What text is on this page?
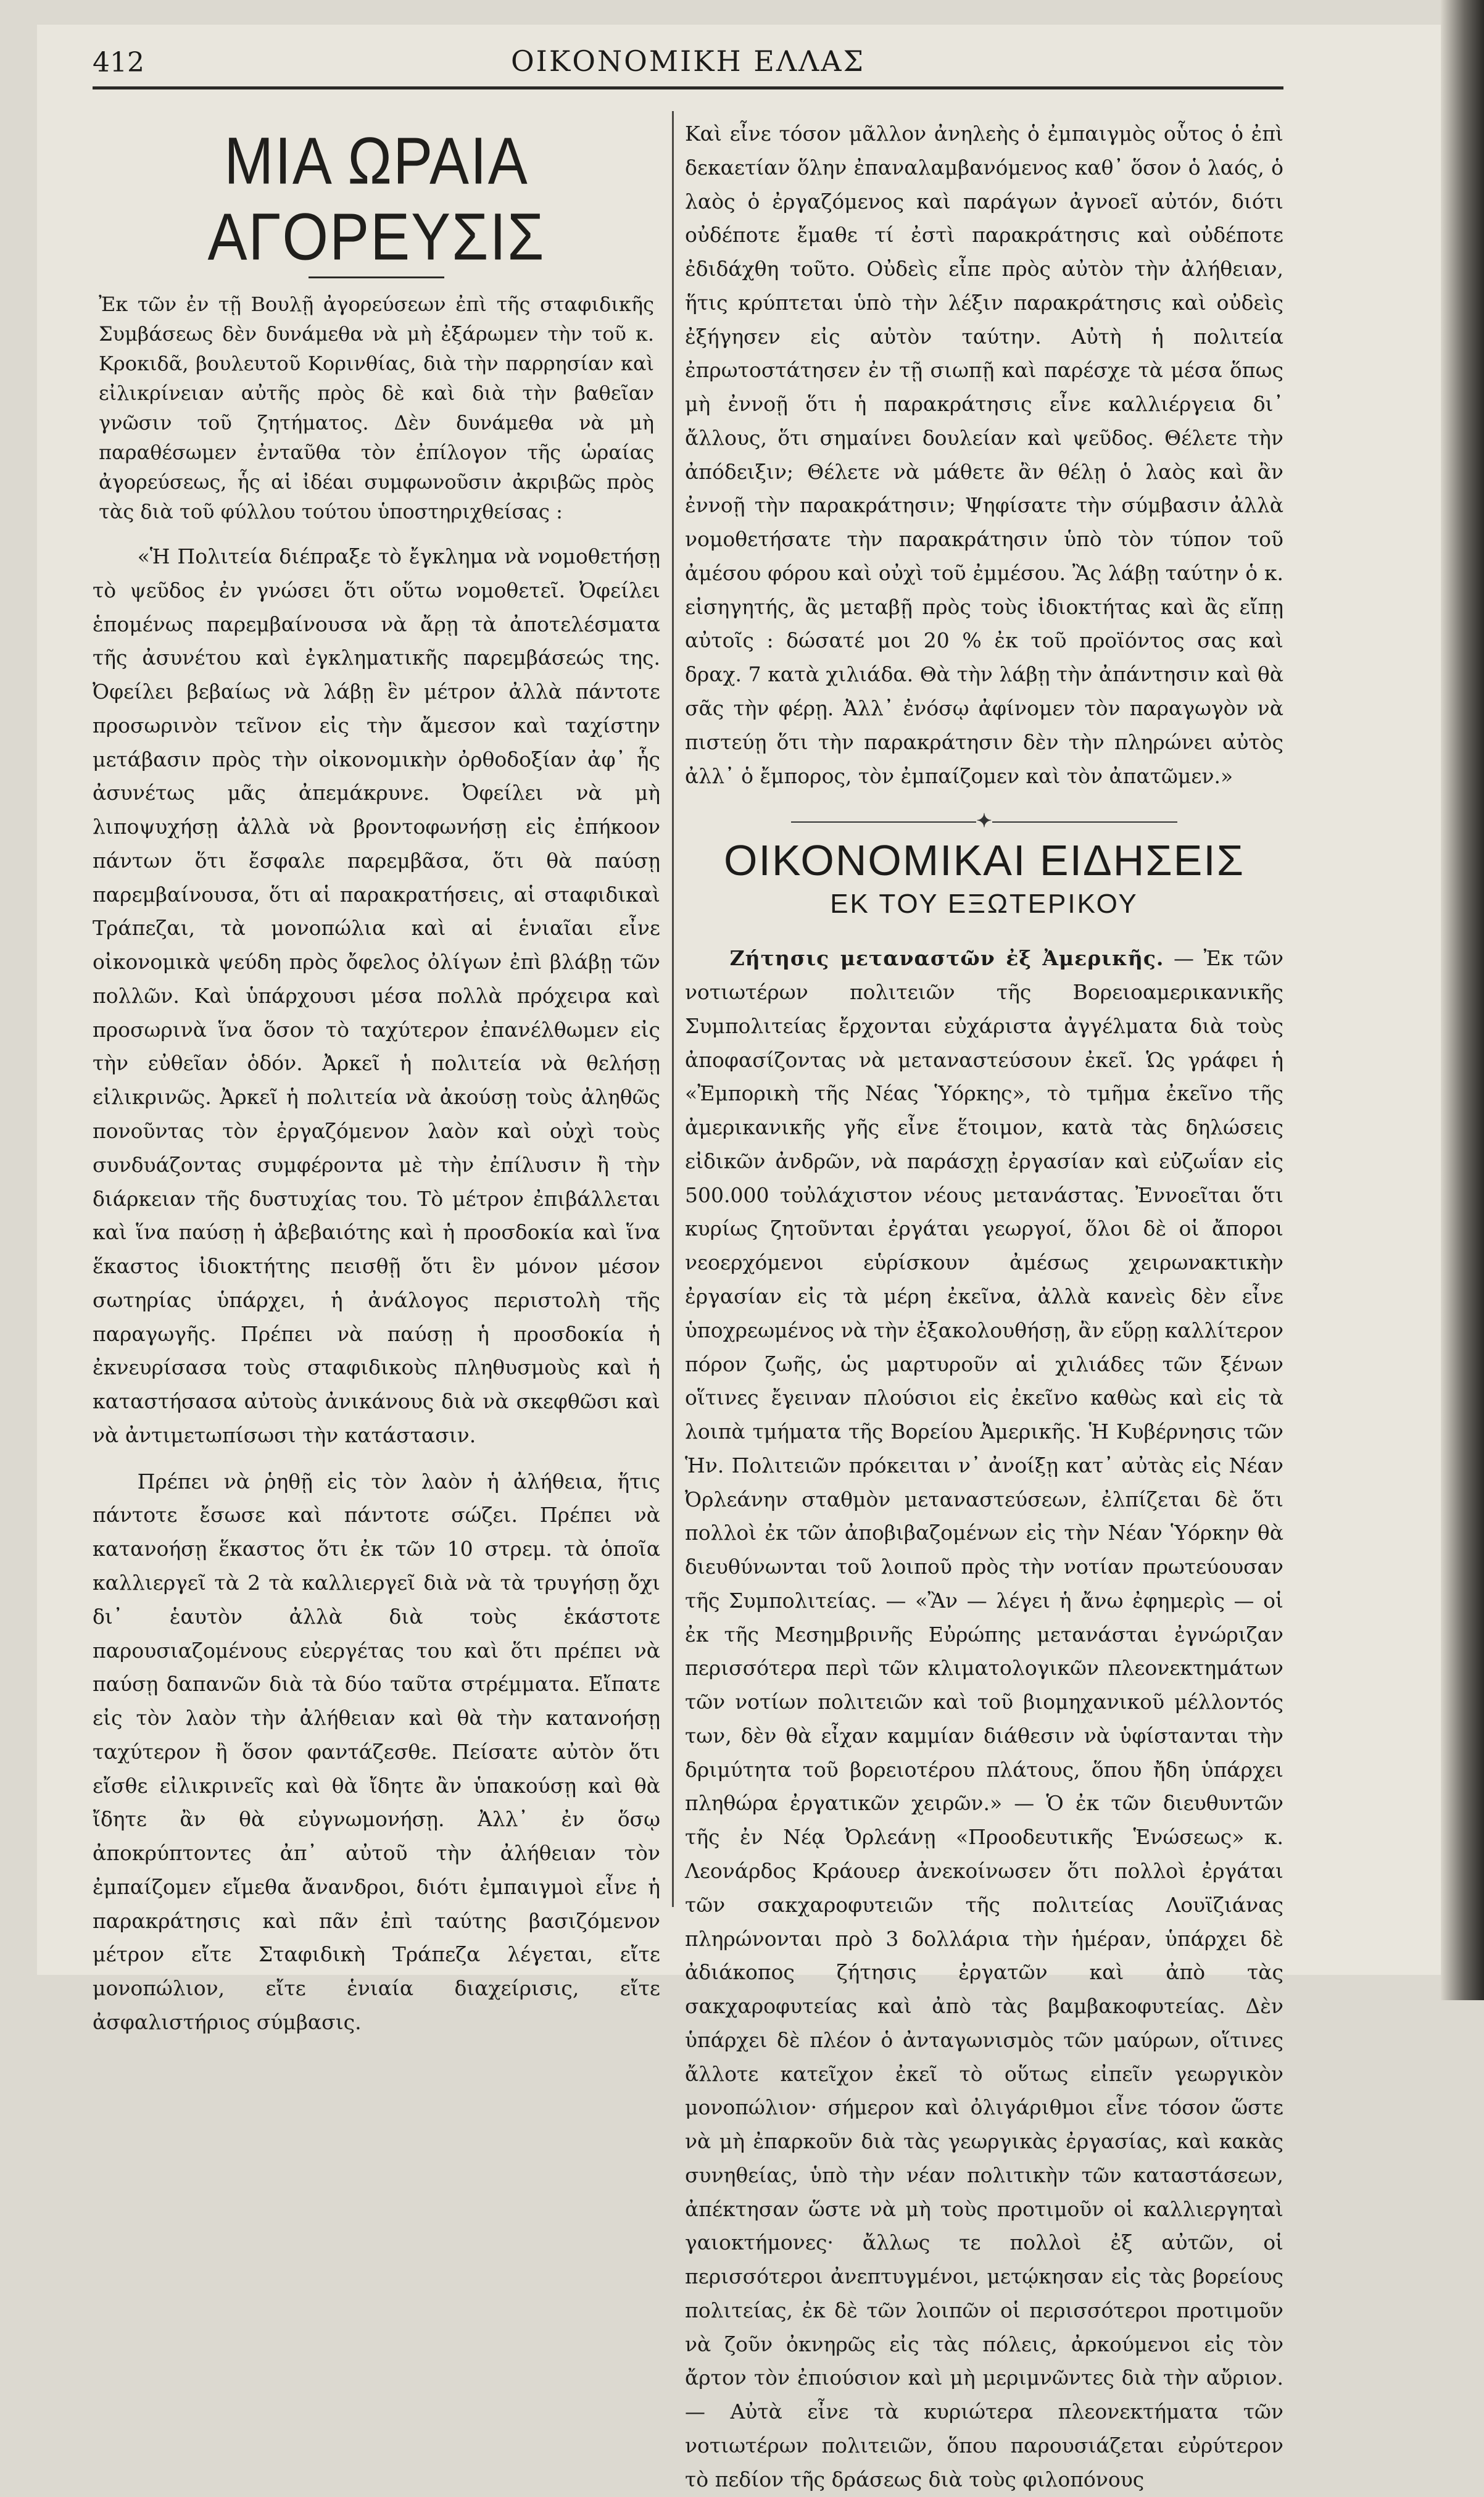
412	ΟΙΚΟΝΟΜΙΚΗ ΕΛΛΑΣ
ΜΙΑ ΩΡΑΙΑ ΑΓΟΡΕΥΣΙΣ
Ἐκ τῶν ἐν τῇ Βουλῇ ἀγορεύσεων ἐπὶ τῆς σταφιδικῆς Συμβάσεως δὲν δυνάμεθα νὰ μὴ ἐξάρωμεν τὴν τοῦ κ. Κροκιδᾶ, βουλευτοῦ Κορινθίας, διὰ τὴν παρρησίαν καὶ εἰλικρίνειαν αὐτῆς πρὸς δὲ καὶ διὰ τὴν βαθεῖαν γνῶσιν τοῦ ζητήματος. Δὲν δυνάμεθα νὰ μὴ παραθέσωμεν ἐνταῦθα τὸν ἐπίλογον τῆς ὡραίας ἀγορεύσεως, ἧς αἱ ἰδέαι συμφωνοῦσιν ἀκριβῶς πρὸς τὰς διὰ τοῦ φύλλου τούτου ὑποστηριχθείσας :

«Ἡ Πολιτεία διέπραξε τὸ ἔγκλημα νὰ νομοθετήσῃ τὸ ψεῦδος ἐν γνώσει ὅτι οὕτω νομοθετεῖ. Ὀφείλει ἑπομένως παρεμβαίνουσα νὰ ἄρῃ τὰ ἀποτελέσματα τῆς ἀσυνέτου καὶ ἐγκληματικῆς παρεμβάσεώς της. Ὀφείλει βεβαίως νὰ λάβῃ ἓν μέτρον ἀλλὰ πάντοτε προσωρινὸν τεῖνον εἰς τὴν ἄμεσον καὶ ταχίστην μετάβασιν πρὸς τὴν οἰκονομικὴν ὀρθοδοξίαν ἀφ᾽ ἧς ἀσυνέτως μᾶς ἀπεμάκρυνε. Ὀφείλει νὰ μὴ λιποψυχήσῃ ἀλλὰ νὰ βροντοφωνήσῃ εἰς ἐπήκοον πάντων ὅτι ἔσφαλε παρεμβᾶσα, ὅτι θὰ παύσῃ παρεμβαίνουσα, ὅτι αἱ παρακρατήσεις, αἱ σταφιδικαὶ Τράπεζαι, τὰ μονοπώλια καὶ αἱ ἑνιαῖαι εἶνε οἰκονομικὰ ψεύδη πρὸς ὄφελος ὀλίγων ἐπὶ βλάβῃ τῶν πολλῶν. Καὶ ὑπάρχουσι μέσα πολλὰ πρόχειρα καὶ προσωρινὰ ἵνα ὅσον τὸ ταχύτερον ἐπανέλθωμεν εἰς τὴν εὐθεῖαν ὁδόν. Ἀρκεῖ ἡ πολιτεία νὰ θελήσῃ εἰλικρινῶς. Ἀρκεῖ ἡ πολιτεία νὰ ἀκούσῃ τοὺς ἀληθῶς πονοῦντας τὸν ἐργαζόμενον λαὸν καὶ οὐχὶ τοὺς συνδυάζοντας συμφέροντα μὲ τὴν ἐπίλυσιν ἢ τὴν διάρκειαν τῆς δυστυχίας του. Τὸ μέτρον ἐπιβάλλεται καὶ ἵνα παύσῃ ἡ ἀβεβαιότης καὶ ἡ προσδοκία καὶ ἵνα ἕκαστος ἰδιοκτήτης πεισθῇ ὅτι ἓν μόνον μέσον σωτηρίας ὑπάρχει, ἡ ἀνάλογος περιστολὴ τῆς παραγωγῆς. Πρέπει νὰ παύσῃ ἡ προσδοκία ἡ ἐκνευρίσασα τοὺς σταφιδικοὺς πληθυσμοὺς καὶ ἡ καταστήσασα αὐτοὺς ἀνικάνους διὰ νὰ σκεφθῶσι καὶ νὰ ἀντιμετωπίσωσι τὴν κατάστασιν.

Πρέπει νὰ ῥηθῇ εἰς τὸν λαὸν ἡ ἀλήθεια, ἥτις πάντοτε ἔσωσε καὶ πάντοτε σώζει. Πρέπει νὰ κατανοήσῃ ἕκαστος ὅτι ἐκ τῶν 10 στρεμ. τὰ ὁποῖα καλλιεργεῖ τὰ 2 τὰ καλλιεργεῖ διὰ νὰ τὰ τρυγήσῃ ὄχι δι᾽ ἑαυτὸν ἀλλὰ διὰ τοὺς ἑκάστοτε παρουσιαζομένους εὐεργέτας του καὶ ὅτι πρέπει νὰ παύσῃ δαπανῶν διὰ τὰ δύο ταῦτα στρέμματα. Εἴπατε εἰς τὸν λαὸν τὴν ἀλήθειαν καὶ θὰ τὴν κατανοήσῃ ταχύτερον ἢ ὅσον φαντάζεσθε. Πείσατε αὐτὸν ὅτι εἴσθε εἰλικρινεῖς καὶ θὰ ἴδητε ἂν ὑπακούσῃ καὶ θὰ ἴδητε ἂν θὰ εὐγνωμονήσῃ. Ἀλλ᾽ ἐν ὅσῳ ἀποκρύπτοντες ἀπ᾽ αὐτοῦ τὴν ἀλήθειαν τὸν ἐμπαίζομεν εἴμεθα ἄνανδροι, διότι ἐμπαιγμοὶ εἶνε ἡ παρακράτησις καὶ πᾶν ἐπὶ ταύτης βασιζόμενον μέτρον εἴτε Σταφιδικὴ Τράπεζα λέγεται, εἴτε μονοπώλιον, εἴτε ἑνιαία διαχείρισις, εἴτε ἀσφαλιστήριος σύμβασις.

✦
ΟΙΚΟΝΟΜΙΚΑΙ ΕΙΔΗΣΕΙΣ
ΕΚ ΤΟΥ ΕΞΩΤΕΡΙΚΟΥ

Ζήτησις μεταναστῶν ἐξ Ἀμερικῆς. — Ἐκ τῶν νοτιωτέρων πολιτειῶν τῆς Βορειοαμερικανικῆς Συμπολιτείας ἔρχονται εὐχάριστα ἀγγέλματα διὰ τοὺς ἀποφασίζοντας νὰ μεταναστεύσουν ἐκεῖ. Ὡς γράφει ἡ «Ἐμπορικὴ τῆς Νέας Ὑόρκης», τὸ τμῆμα ἐκεῖνο τῆς ἀμερικανικῆς γῆς εἶνε ἕτοιμον, κατὰ τὰς δηλώσεις εἰδικῶν ἀνδρῶν, νὰ παράσχῃ ἐργασίαν καὶ εὐζωΐαν εἰς 500.000 τοὐλάχιστον νέους μετανάστας. Ἐννοεῖται ὅτι κυρίως ζητοῦνται ἐργάται γεωργοί, ὅλοι δὲ οἱ ἄποροι νεοερχόμενοι εὑρίσκουν ἀμέσως χειρωνακτικὴν ἐργασίαν εἰς τὰ μέρη ἐκεῖνα, ἀλλὰ κανεὶς δὲν εἶνε ὑποχρεωμένος νὰ τὴν ἐξακολουθήσῃ, ἂν εὕρῃ καλλίτερον πόρον ζωῆς, ὡς μαρτυροῦν αἱ χιλιάδες τῶν ξένων οἵτινες ἔγειναν πλούσιοι εἰς ἐκεῖνο καθὼς καὶ εἰς τὰ λοιπὰ τμήματα τῆς Βορείου Ἀμερικῆς. Ἡ Κυβέρνησις τῶν Ἡν. Πολιτειῶν πρόκειται ν᾽ ἀνοίξῃ κατ᾽ αὐτὰς εἰς Νέαν Ὀρλεάνην σταθμὸν μεταναστεύσεων, ἐλπίζεται δὲ ὅτι πολλοὶ ἐκ τῶν ἀποβιβαζομένων εἰς τὴν Νέαν Ὑόρκην θὰ διευθύνωνται τοῦ λοιποῦ πρὸς τὴν νοτίαν πρωτεύουσαν τῆς Συμπολιτείας. — «Ἂν — λέγει ἡ ἄνω ἐφημερὶς — οἱ ἐκ τῆς Μεσημβρινῆς Εὐρώπης μετανάσται ἐγνώριζαν περισσότερα περὶ τῶν κλιματολογικῶν πλεονεκτημάτων τῶν νοτίων πολιτειῶν καὶ τοῦ βιομηχανικοῦ μέλλοντός των, δὲν θὰ εἶχαν καμμίαν διάθεσιν νὰ ὑφίστανται τὴν δριμύτητα τοῦ βορειοτέρου πλάτους, ὅπου ἤδη ὑπάρχει πληθώρα ἐργατικῶν χειρῶν.» — Ὁ ἐκ τῶν διευθυντῶν τῆς ἐν Νέᾳ Ὀρλεάνῃ «Προοδευτικῆς Ἑνώσεως» κ. Λεονάρδος Κράουερ ἀνεκοίνωσεν ὅτι πολλοὶ ἐργάται τῶν σακχαροφυτειῶν τῆς πολιτείας Λουϊζιάνας πληρώνονται πρὸ 3 δολλάρια τὴν ἡμέραν, ὑπάρχει δὲ ἀδιάκοπος ζήτησις ἐργατῶν καὶ ἀπὸ τὰς σακχαροφυτείας καὶ ἀπὸ τὰς βαμβακοφυτείας. Δὲν ὑπάρχει δὲ πλέον ὁ ἀνταγωνισμὸς τῶν μαύρων, οἵτινες ἄλλοτε κατεῖχον ἐκεῖ τὸ οὕτως εἰπεῖν γεωργικὸν μονοπώλιον· σήμερον καὶ ὀλιγάριθμοι εἶνε τόσον ὥστε νὰ μὴ ἐπαρκοῦν διὰ τὰς γεωργικὰς ἐργασίας, καὶ κακὰς συνηθείας, ὑπὸ τὴν νέαν πολιτικὴν τῶν καταστάσεων, ἀπέκτησαν ὥστε νὰ μὴ τοὺς προτιμοῦν οἱ καλλιεργηταὶ γαιοκτήμονες· ἄλλως τε πολλοὶ ἐξ αὐτῶν, οἱ περισσότεροι ἀνεπτυγμένοι, μετῴκησαν εἰς τὰς βορείους πολιτείας, ἐκ δὲ τῶν λοιπῶν οἱ περισσότεροι προτιμοῦν νὰ ζοῦν ὀκνηρῶς εἰς τὰς πόλεις, ἀρκούμενοι εἰς τὸν ἄρτον τὸν ἐπιούσιον καὶ μὴ μεριμνῶντες διὰ τὴν αὔριον. — Αὐτὰ εἶνε τὰ κυριώτερα πλεονεκτήματα τῶν νοτιωτέρων πολιτειῶν, ὅπου παρουσιάζεται εὐρύτερον τὸ πεδίον τῆς δράσεως διὰ τοὺς φιλοπόνους

Καὶ εἶνε τόσον μᾶλλον ἀνηλεὴς ὁ ἐμπαιγμὸς οὗτος ὁ ἐπὶ δεκαετίαν ὅλην ἐπαναλαμβανόμενος καθ᾽ ὅσον ὁ λαός, ὁ λαὸς ὁ ἐργαζόμενος καὶ παράγων ἀγνοεῖ αὐτόν, διότι οὐδέποτε ἔμαθε τί ἐστὶ παρακράτησις καὶ οὐδέποτε ἐδιδάχθη τοῦτο. Οὐδεὶς εἶπε πρὸς αὐτὸν τὴν ἀλήθειαν, ἥτις κρύπτεται ὑπὸ τὴν λέξιν παρακράτησις καὶ οὐδεὶς ἐξήγησεν εἰς αὐτὸν ταύτην. Αὐτὴ ἡ πολιτεία ἐπρωτοστάτησεν ἐν τῇ σιωπῇ καὶ παρέσχε τὰ μέσα ὅπως μὴ ἐννοῇ ὅτι ἡ παρακράτησις εἶνε καλλιέργεια δι᾽ ἄλλους, ὅτι σημαίνει δουλείαν καὶ ψεῦδος. Θέλετε τὴν ἀπόδειξιν; Θέλετε νὰ μάθετε ἂν θέλῃ ὁ λαὸς καὶ ἂν ἐννοῇ τὴν παρακράτησιν; Ψηφίσατε τὴν σύμβασιν ἀλλὰ νομοθετήσατε τὴν παρακράτησιν ὑπὸ τὸν τύπον τοῦ ἀμέσου φόρου καὶ οὐχὶ τοῦ ἐμμέσου. Ἂς λάβῃ ταύτην ὁ κ. εἰσηγητής, ἂς μεταβῇ πρὸς τοὺς ἰδιοκτήτας καὶ ἂς εἴπῃ αὐτοῖς : δώσατέ μοι 20 % ἐκ τοῦ προϊόντος σας καὶ δραχ. 7 κατὰ χιλιάδα. Θὰ τὴν λάβῃ τὴν ἀπάντησιν καὶ θὰ σᾶς τὴν φέρῃ. Ἀλλ᾽ ἐνόσῳ ἀφίνομεν τὸν παραγωγὸν νὰ πιστεύῃ ὅτι τὴν παρακράτησιν δὲν τὴν πληρώνει αὐτὸς ἀλλ᾽ ὁ ἔμπορος, τὸν ἐμπαίζομεν καὶ τὸν ἀπατῶμεν.»
